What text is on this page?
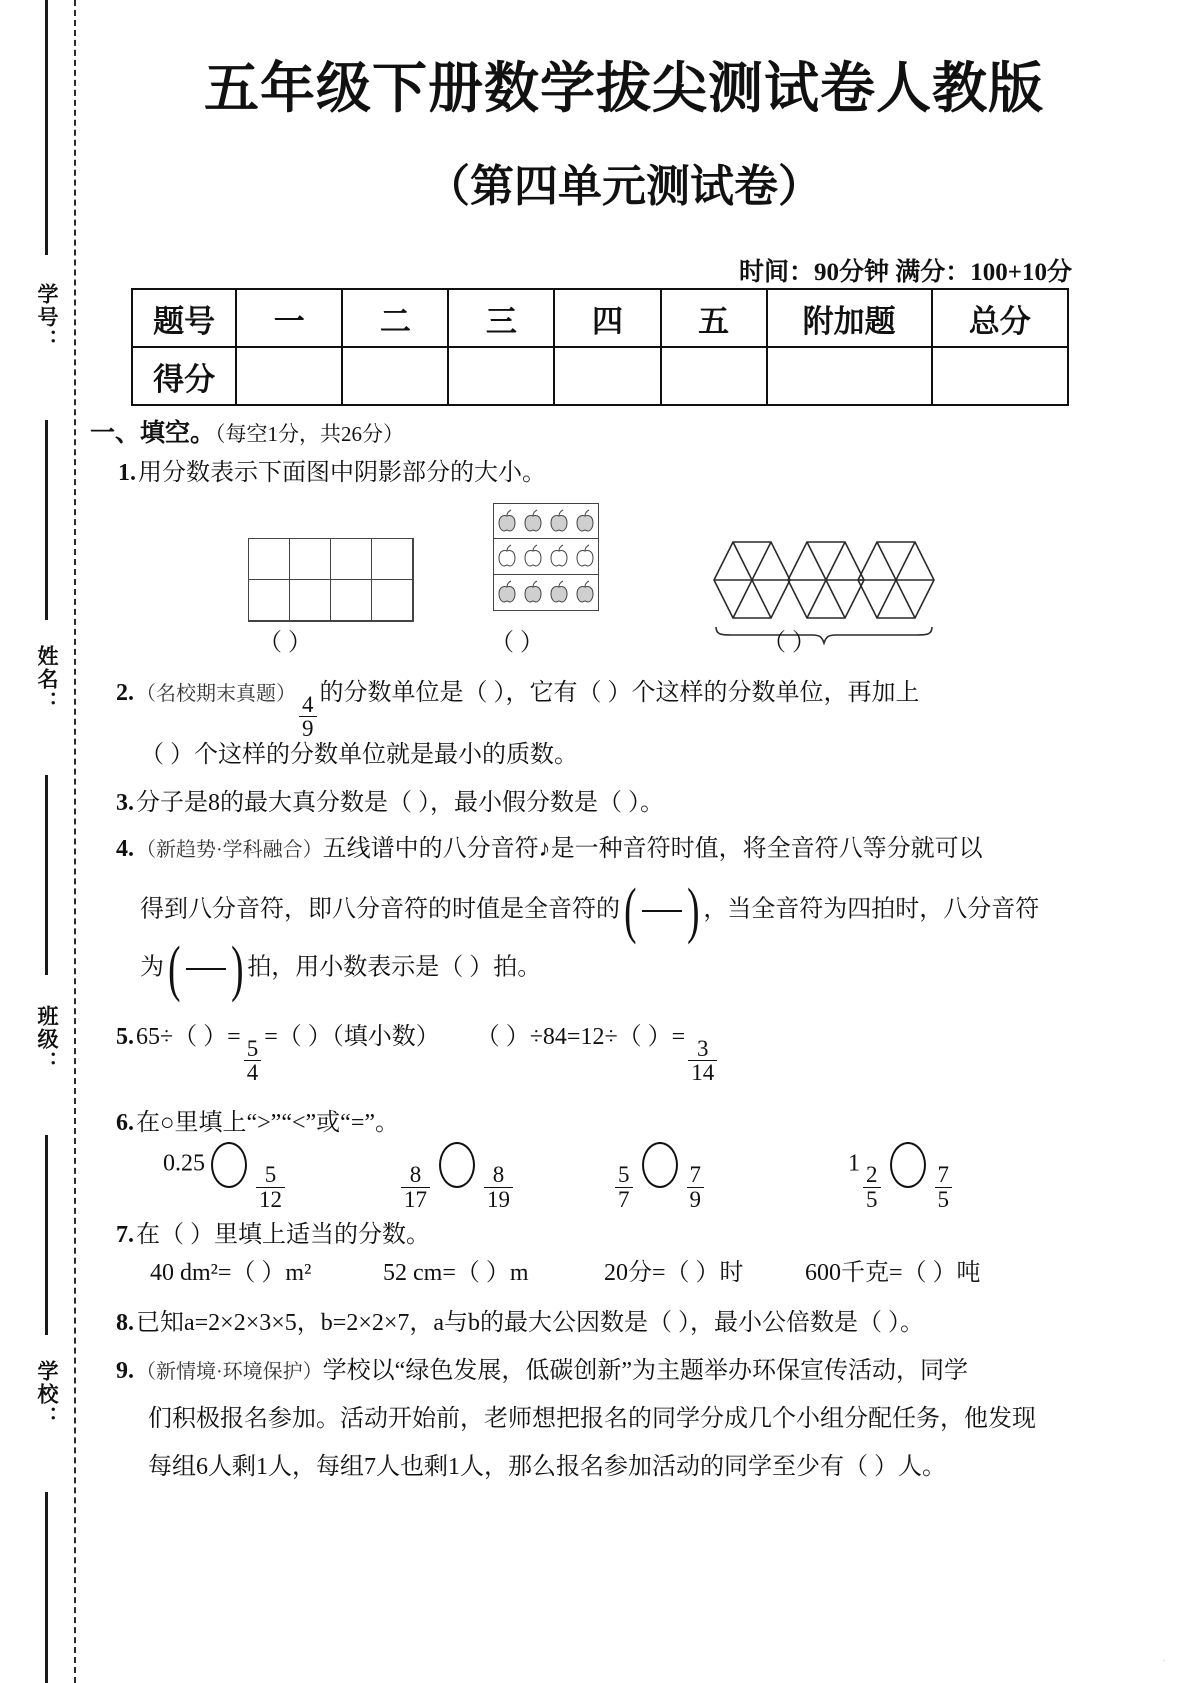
学号：
姓名：
班级：
学校：
五年级下册数学拔尖测试卷人教版
（第四单元测试卷）
时间：90分钟 满分：100+10分
题号	一	二	三	四	五	附加题	总分
得分							
一、填空。（每空1分，共26分）
1.用分数表示下面图中阴影部分的大小。
（ ）	（ ）	（ ）
2. （名校期末真题） $\frac{4}{9}$ 的分数单位是（ ），它有（ ）个这样的分数单位，再加上
（ ）个这样的分数单位就是最小的质数。
3.分子是8的最大真分数是（ ），最小假分数是（ ）。
4. （新趋势·学科融合）五线谱中的八分音符♪是一种音符时值，将全音符八等分就可以
得到八分音符，即八分音符的时值是全音符的 ( ) ，当全音符为四拍时，八分音符
为 ( ) 拍，用小数表示是（ ）拍。
5.65÷（ ）= $\frac{5}{4}$ =（ ）（填小数） （ ）÷84=12÷（ ）= $\frac{3}{14}$
6.在○里填上“>”“<”或“=”。
$0.25 \frac{5}{12}$	$\frac{8}{17} \frac{8}{19}$	$\frac{5}{7} \frac{7}{9}$	$1 \frac{2}{5} \frac{7}{5}$
7.在（ ）里填上适当的分数。
40 dm²=（ ）m²	52 cm=（ ）m	20分=（ ）时	600千克=（ ）吨
8.已知a=2×2×3×5，b=2×2×7，a与b的最大公因数是（ ），最小公倍数是（ ）。
9. （新情境·环境保护）学校以“绿色发展，低碳创新”为主题举办环保宣传活动，同学
们积极报名参加。活动开始前，老师想把报名的同学分成几个小组分配任务，他发现
每组6人剩1人，每组7人也剩1人，那么报名参加活动的同学至少有（ ）人。
·
